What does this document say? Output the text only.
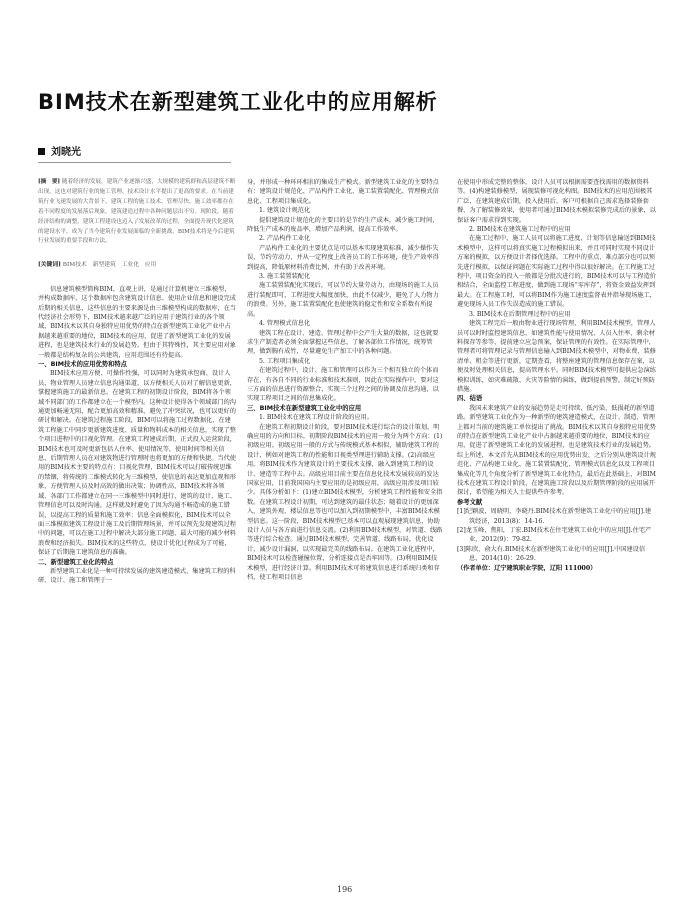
BIM技术在新型建筑工业化中的应用解析
刘晓光
[摘　要] 随着经济的发展，建筑产业逐渐兴盛，大规模的建筑群和高层建筑不断出现，这也对建筑行业的施工管理、技术设计水平提出了更高的要求。在当前建筑行业飞速发展的大背景下，建筑工程的施工技术、管理尽快、施工效率都存在着不同程度的发展落后现象，建筑建造过程中各种问题层出不穷。现阶段，随着经济结构的调整，建筑工程建设也迈入了发展改革的过程，全面提升现代化建筑的建设水平，成为了当今建筑行业发展面临的全新挑战，BIM技术将是今后建筑行业发展的重要手段和方法。
[关键词] BIM技术　新型建筑　工业化　应用

信息建筑模型简称BIM，直观上讲，是通过计算机建立三维模型，并构成数据库，这个数据库包含建筑设计信息、使用企业信息和建设完成后期的相关信息，这些信息的主要来源是由三维模型构成的数据库，在当代经济社会形势下，BIM技术越来越广泛的应用于建筑行业的各个领域，BIM技术以其自身独特应用优势的特点在新型建筑工业化产业中占据越来越重要的地位，BIM技术的应用，促进了新型建筑工业化的发展进程，也是建筑技术行业的发展趋势。但由于其特殊性，其主要应用对象一般都是结构复杂的公共建筑，应用范围还有待提高。

一、BIM技术的应用优势和特点

BIM技术应用方便、可操作性强，可以同时为建筑承包商、设计人员、物业管理人员建立信息沟通渠道，以方便相关人员对了解信息更新，掌握建筑施工的最新信息。在建筑工程的初期设计阶段，BIM将各个领域不同部门的工作都建立在一个模型内。这种设计使得各个领域部门的沟通更加畅通无阻，配合更加高效和精准，避免了冲突状况，也可以更好的研讨和解决。在建筑过程施工阶段，BIM可以将施工过程数据化，在建筑工程施工中同步更新建筑进度、质量和物料成本的相关信息，实现了整个项目进程中的目视化管理。在建筑工程建成后期，正式投入运营阶段，BIM技术也可及时更新包括人住率、使用情况等，使用时间等相关信息，后期管理人员在对建筑物进行管理时也将更加的方便和快捷。当代使用的BIM技术主要的特点有：目视化管理，BIM技术可以打破传统思维的禁锢，将传统的二维模式转化为三维模型，使信息的表达更加直观和形象，方便管理人员及时高效的做出决策；协调性高，BIM技术将各领域、各部门工作都建立在同一三维模型中同时进行，建筑的设计、施工、管理信息可以及时沟通，这样就及时避免了因为沟通不畅造成的施工错误，以提高工程的质量和施工效率；信息全面模拟化，BIM技术可以全面三维模拟建筑工程设计施工及后期管理场景，并可以预先发现建筑过程中的问题，可以在施工过程中解决大部分施工问题，最大可能的减少材料浪费和经济损失。BIM技术的这些特点，使设计优化过程成为了可能，保证了后期施工建筑信息的准确。

二、新型建筑工业化的特点

新型建筑工业化是一种可持续发展的建筑建造模式，集建筑工程的科研、设计、施工和管理于一

身，并形成一种环环相扣的集成生产模式。新型建筑工业化的主要特点有：建筑设计规范化、产品构件工业化、施工装置装配化、管理模式信息化、工程项目集成化。

1. 建筑设计规范化

提倡建筑设计规范化的主要目的是节约生产成本，减少施工时间，降低生产成本的废品率，增加产品利润，提高工作效率。

2. 产品构件工业化

产品构件工业化的主要优点是可以基本实现建筑标准，减少操作失误，节约劳动力，并从一定程度上改善员工的工作环境，使生产效率得到提高，降低原材料消费比例，并有助于改善环境。

3. 施工装置装配化

施工装置装配化实现后，可以节约大量劳动力，由现场的施工人员进行装配即可，工程进度大幅度加快，由此不仅减少、避免了人力物力的浪费。另外，施工装置装配化也使建筑的稳定性和安全系数有所提高。

4. 管理模式信息化

建筑工程在设计、建造、管理过程中会产生大量的数据，这也就要求生产制造者必须全面掌握这些信息，了解各部位工作情况，统筹管理，做到胸有成竹，尽量避免生产加工中的各种问题。

5. 工程项目集成化

在建筑过程中，设计、施工和管理可以作为三个相互独立的个体而存在，有各自不同的行业标准和技术准则，因此在实际操作中，要对这三方面的信息进行资源整合，实现三个过程之间的协调及信息沟通，以实现工程项目之间的信息集成化。

三、BIM技术在新型建筑工业化中的应用

1. BIM技术在建筑工程设计阶段的应用。

在建筑工程初期设计阶段，要对BIM技术进行综合的设计策划，明确应用的方向和目标。初期阶段BIM技术的应用一般分为两个方向：(1)初级应用。初级应用一般的方式与传统模式基本相似，辅助建筑工程的设计，例如对建筑工程的性能和目视类型理进行辅助支撑。(2)高级应用。将BIM技术作为建筑设计的主要技术支撑，融入到建筑工程的设计、建造等工程中去。高级应用目前主要在信息化技术发展较高的发达国家应用，目前我国国内主要应用的是初级应用，高级应用涉及项目较少。具体分析如下：(1)建立BIM技术模型，分析建筑工程性能和安全指数。在建筑工程设计初期，可达到建筑的最佳状态；随着设计的更加深入，建筑外观、楼层信息等也可以加入到初期模型中，丰富BIM技术模型信息。这一阶段，BIM技术模型已基本可以直观展现建筑信息，协助设计人员与各方面进行信息交流。(2)利用BIM技术模型，对管道、线路等进行综合检查。通过BIM技术模型，完善管道、线路布局，优化设计，减少设计漏洞，以实现最完美的线路布局。在建筑工业化进程中，BIM技术可以检查碰撞位置，分析连接点是否牢固等。(3)利用BIM技术模型，进行经济计算。利用BIM技术可将建筑信息进行系统归类和存档，使工程项目信息

在使用中形成完整的整体，设计人员可以根据需要查找需用的数据资料等。(4)构建装修模型，展现装修可视化构图。BIM技术的应用范围极其广泛，在建筑建成后期，投入使用后，客户可根据自己需求选择装修套餐，为了解装修效果，使用者可通过BIM技术模拟装修完成后的景象，以保证客户需求得到实现。

2. BIM技术在建筑施工过程中的应用

在施工过程中，施工人员可以将施工进度、计划等信息输送到BIM技术模型中，这样可以将真实施工过程模拟出来，并且可同时实现不同设计方案的模拟，以方便设计者择优选择。工程中的重点、难点部分也可以预先进行模拟，以保证问题在实际施工过程中得以很好解决。在工程施工过程中，项目资金的投入一般都是分批次进行的，BIM技术可以与工程造价相结合，全面监控工程进度，做到施工现场“零库存”，将资金效益发挥到最大。在工程施工时，可以将BIM作为施工速度监督表并指导现场施工，避免现场人员工作失误造成的施工错误。

3. BIM技术在后期管理过程中的应用

建筑工程完后一般由物业进行现场管理，利用BIM技术模型，管理人员可以时时监控建筑信息，如建筑性能与使用情况、人员入住率、剩余材料探存等参等，提前建立应急预案，保证管理的有效性。在实际管理中，管理者可将管理记录与管理信息输入到BIM技术模型中，对物业费、装修清单、租金等进行更新，定期查看，将整座建筑的管理信息保存在案，以便及时处理相关信息，提高管理水平。同时BIM技术模型可提供应急演练模拟训练，如灾难疏散、火灾等险情的演练，做到提前预警，制定好预防措施。

四、结语

我国未来建筑产业的发展趋势是走可持续、低污染、低损耗的新型道路。新型建筑工业化作为一种新型的建筑建造模式，在设计、制造、管理上都对当前的建筑施工单位提出了挑战。BIM技术以其自身独特应用优势的特点在新型建筑工业化产业中占据越来越重要的地位，BIM技术的应用，促进了新型建筑工业化的发展进程，也是建筑技术行业的发展趋势。综上所述，本文首先从BIM技术的应用优势出发，之后分别从建筑设计规范化、产品构建工业化、施工装置装配化、管理模式信息化以及工程项目集成化等几个角度分析了新型建筑工业化特点，最后在此基础上，对BIM技术在建筑工程设计阶段、在建筑施工阶段以及后期管理阶段的应用展开探讨，希望能为相关人士提供些许参考。

参考文献

[1]纪颖波，周晓明，李晓丹.BIM技术在新型建筑工业化中的应用[J].建筑经济，2013(8)：14-16.

[2]龙玉峰，焦阳，丁宏.BIM技术在住宅建筑工业化中的应用[J].住宅产业，2012(9)：79-82.

[3]陈欣，俞大有.BIM技术在新型建筑工业化中的应用[J].中国建设信息，2014(10)：26-29.

（作者单位：辽宁建筑职业学院，辽阳 111000）

196
